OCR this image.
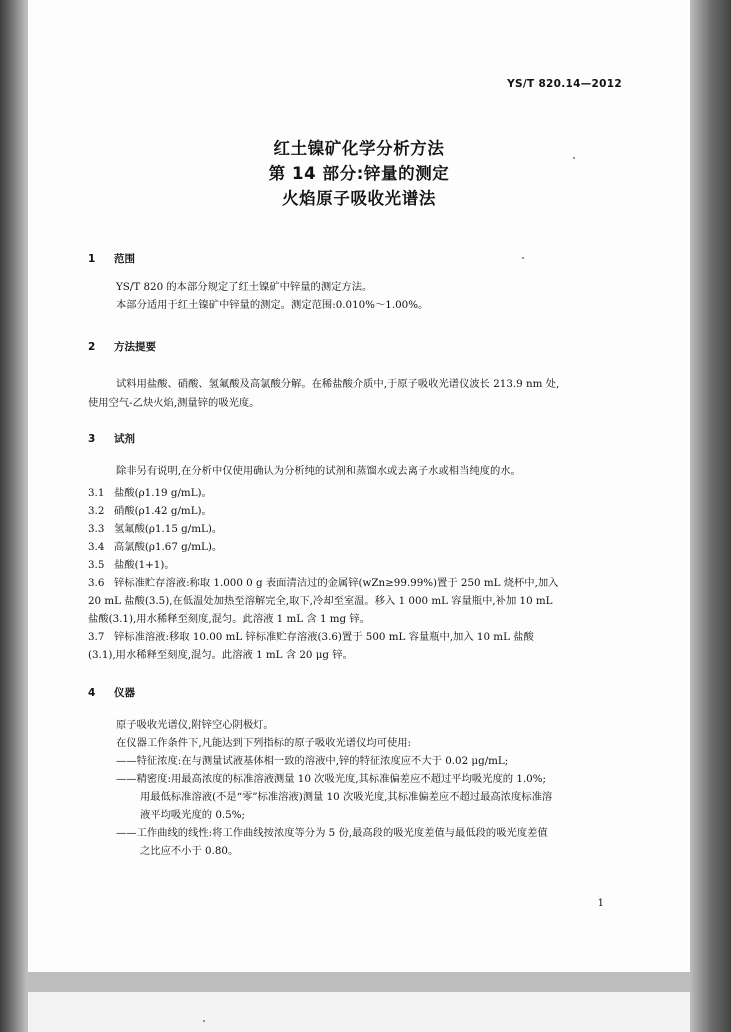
YS/T 820.14—2012
红土镍矿化学分析方法
第 14 部分:锌量的测定
火焰原子吸收光谱法
1 范围
YS/T 820 的本部分规定了红土镍矿中锌量的测定方法。
本部分适用于红土镍矿中锌量的测定。测定范围:0.010%～1.00%。
2 方法提要
试料用盐酸、硝酸、氢氟酸及高氯酸分解。在稀盐酸介质中,于原子吸收光谱仪波长 213.9 nm 处,
使用空气-乙炔火焰,测量锌的吸光度。
3 试剂
除非另有说明,在分析中仅使用确认为分析纯的试剂和蒸馏水或去离子水或相当纯度的水。
3.1 盐酸(ρ1.19 g/mL)。
3.2 硝酸(ρ1.42 g/mL)。
3.3 氢氟酸(ρ1.15 g/mL)。
3.4 高氯酸(ρ1.67 g/mL)。
3.5 盐酸(1+1)。
3.6 锌标准贮存溶液:称取 1.000 0 g 表面清洁过的金属锌(wZn≥99.99%)置于 250 mL 烧杯中,加入
20 mL 盐酸(3.5),在低温处加热至溶解完全,取下,冷却至室温。移入 1 000 mL 容量瓶中,补加 10 mL
盐酸(3.1),用水稀释至刻度,混匀。此溶液 1 mL 含 1 mg 锌。
3.7 锌标准溶液:移取 10.00 mL 锌标准贮存溶液(3.6)置于 500 mL 容量瓶中,加入 10 mL 盐酸
(3.1),用水稀释至刻度,混匀。此溶液 1 mL 含 20 μg 锌。
4 仪器
原子吸收光谱仪,附锌空心阴极灯。
在仪器工作条件下,凡能达到下列指标的原子吸收光谱仪均可使用:
——特征浓度:在与测量试液基体相一致的溶液中,锌的特征浓度应不大于 0.02 μg/mL;
——精密度:用最高浓度的标准溶液测量 10 次吸光度,其标准偏差应不超过平均吸光度的 1.0%;
用最低标准溶液(不是“零”标准溶液)测量 10 次吸光度,其标准偏差应不超过最高浓度标准溶
液平均吸光度的 0.5%;
——工作曲线的线性:将工作曲线按浓度等分为 5 份,最高段的吸光度差值与最低段的吸光度差值
之比应不小于 0.80。
1
